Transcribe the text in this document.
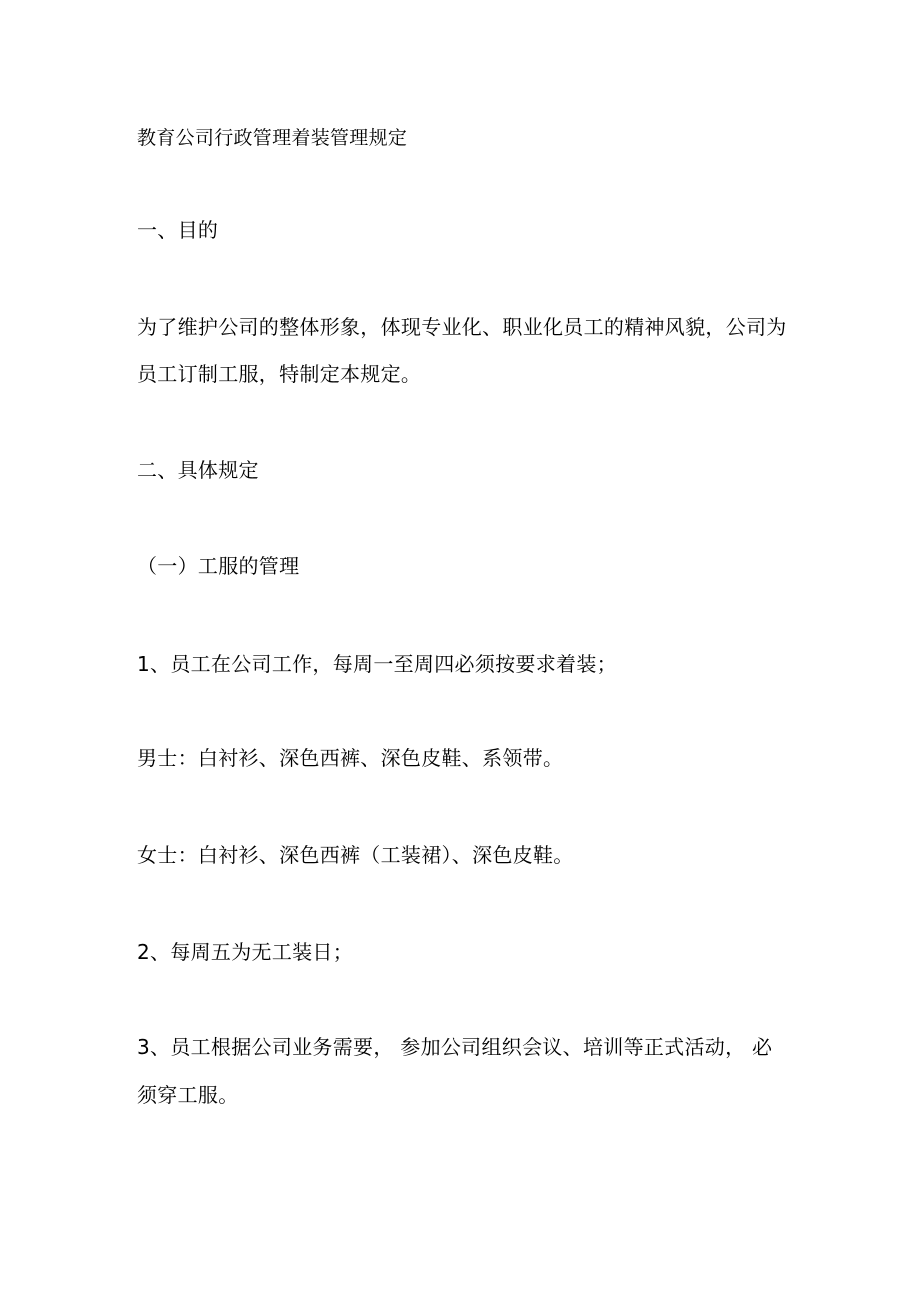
教育公司行政管理着装管理规定
一、目的
为了维护公司的整体形象，体现专业化、职业化员工的精神风貌，公司为
员工订制工服，特制定本规定。
二、具体规定
（一）工服的管理
1、员工在公司工作，每周一至周四必须按要求着装；
男士：白衬衫、深色西裤、深色皮鞋、系领带。
女士：白衬衫、深色西裤（工装裙）、深色皮鞋。
2、每周五为无工装日；
3、员工根据公司业务需要， 参加公司组织会议、培训等正式活动， 必
须穿工服。
